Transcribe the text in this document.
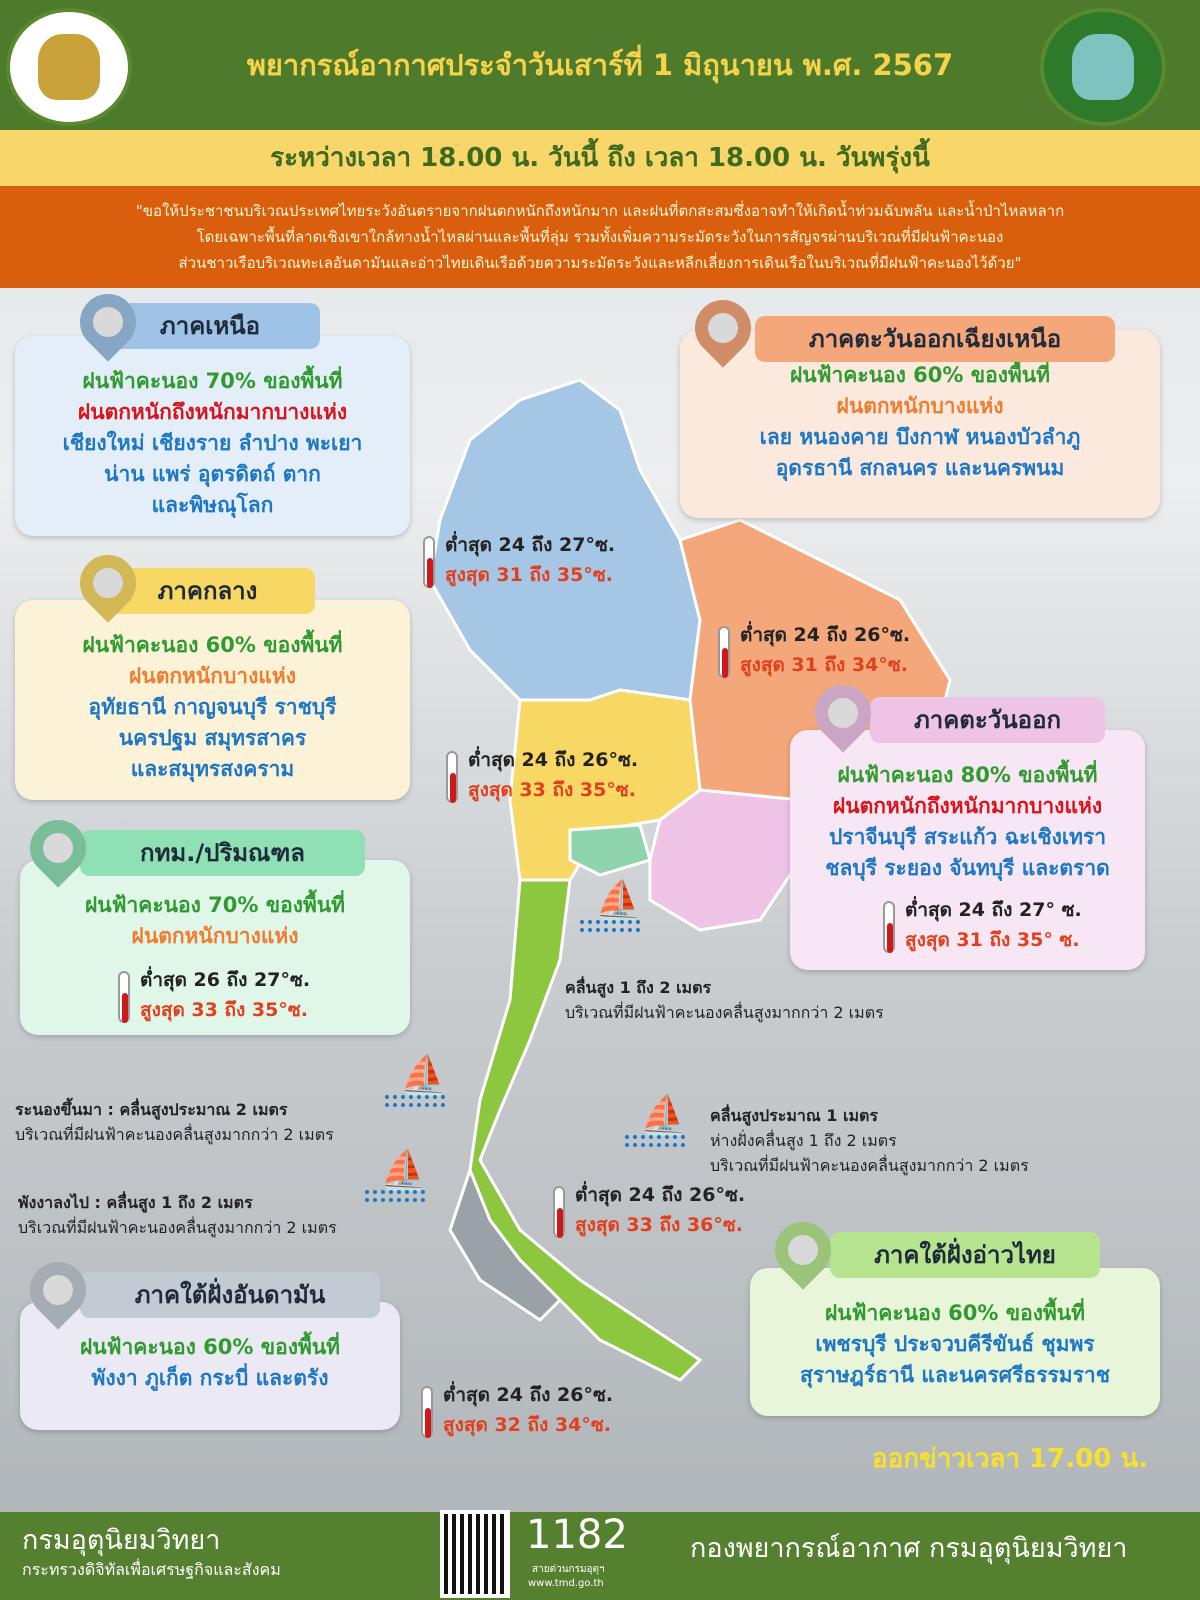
พยากรณ์อากาศประจำวันเสาร์ที่ 1 มิถุนายน พ.ศ. 2567
ระหว่างเวลา 18.00 น. วันนี้ ถึง เวลา 18.00 น. วันพรุ่งนี้
"ขอให้ประชาชนบริเวณประเทศไทยระวังอันตรายจากฝนตกหนักถึงหนักมาก และฝนที่ตกสะสมซึ่งอาจทำให้เกิดน้ำท่วมฉับพลัน และน้ำป่าไหลหลาก
โดยเฉพาะพื้นที่ลาดเชิงเขาใกล้ทางน้ำไหลผ่านและพื้นที่ลุ่ม รวมทั้งเพิ่มความระมัดระวังในการสัญจรผ่านบริเวณที่มีฝนฟ้าคะนอง
ส่วนชาวเรือบริเวณทะเลอันดามันและอ่าวไทยเดินเรือด้วยความระมัดระวังและหลีกเลี่ยงการเดินเรือในบริเวณที่มีฝนฟ้าคะนองไว้ด้วย"
ฝนฟ้าคะนอง 70% ของพื้นที่
ฝนตกหนักถึงหนักมากบางแห่ง
เชียงใหม่ เชียงราย ลำปาง พะเยา
น่าน แพร่ อุตรดิตถ์ ตาก
และพิษณุโลก
ภาคเหนือ
ต่ำสุด 24 ถึง 27°ซ.
สูงสุด 31 ถึง 35°ซ.
ฝนฟ้าคะนอง 60% ของพื้นที่
ฝนตกหนักบางแห่ง
เลย หนองคาย บึงกาฬ หนองบัวลำภู
อุดรธานี สกลนคร และนครพนม
ภาคตะวันออกเฉียงเหนือ
ต่ำสุด 24 ถึง 26°ซ.
สูงสุด 31 ถึง 34°ซ.
ฝนฟ้าคะนอง 60% ของพื้นที่
ฝนตกหนักบางแห่ง
อุทัยธานี กาญจนบุรี ราชบุรี
นครปฐม สมุทรสาคร
และสมุทรสงคราม
ภาคกลาง
ต่ำสุด 24 ถึง 26°ซ.
สูงสุด 33 ถึง 35°ซ.
ฝนฟ้าคะนอง 80% ของพื้นที่
ฝนตกหนักถึงหนักมากบางแห่ง
ปราจีนบุรี สระแก้ว ฉะเชิงเทรา
ชลบุรี ระยอง จันทบุรี และตราด
ภาคตะวันออก
ต่ำสุด 24 ถึง 27° ซ.
สูงสุด 31 ถึง 35° ซ.
ฝนฟ้าคะนอง 70% ของพื้นที่
ฝนตกหนักบางแห่ง
กทม./ปริมณฑล
ต่ำสุด 26 ถึง 27°ซ.
สูงสุด 33 ถึง 35°ซ.
ฝนฟ้าคะนอง 60% ของพื้นที่
เพชรบุรี ประจวบคีรีขันธ์ ชุมพร
สุราษฎร์ธานี และนครศรีธรรมราช
ภาคใต้ฝั่งอ่าวไทย
ต่ำสุด 24 ถึง 26°ซ.
สูงสุด 33 ถึง 36°ซ.
ฝนฟ้าคะนอง 60% ของพื้นที่
พังงา ภูเก็ต กระบี่ และตรัง
ภาคใต้ฝั่งอันดามัน
ต่ำสุด 24 ถึง 26°ซ.
สูงสุด 32 ถึง 34°ซ.
คลื่นสูง 1 ถึง 2 เมตร
บริเวณที่มีฝนฟ้าคะนองคลื่นสูงมากกว่า 2 เมตร
⛵
ระนองขึ้นมา : คลื่นสูงประมาณ 2 เมตร
บริเวณที่มีฝนฟ้าคะนองคลื่นสูงมากกว่า 2 เมตร
⛵
พังงาลงไป : คลื่นสูง 1 ถึง 2 เมตร
บริเวณที่มีฝนฟ้าคะนองคลื่นสูงมากกว่า 2 เมตร
⛵
คลื่นสูงประมาณ 1 เมตร
ห่างฝั่งคลื่นสูง 1 ถึง 2 เมตร
บริเวณที่มีฝนฟ้าคะนองคลื่นสูงมากกว่า 2 เมตร
⛵
ออกข่าวเวลา 17.00 น.
กรมอุตุนิยมวิทยา
กระทรวงดิจิทัลเพื่อเศรษฐกิจและสังคม
1182
สายด่วนกรมอุตุฯ
www.tmd.go.th
กองพยากรณ์อากาศ กรมอุตุนิยมวิทยา
